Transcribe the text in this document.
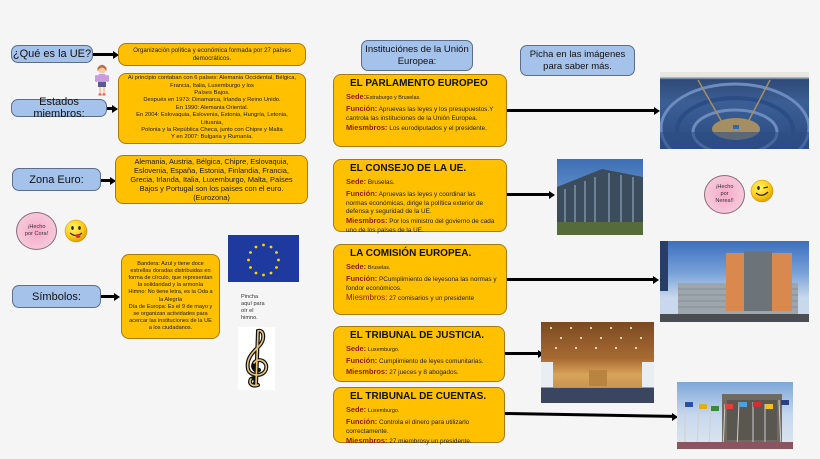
¿Qué es la UE?	Organización política y económica formada por 27 países democráticos.
Estados miembros:
Al principio contaban con 6 países: Alemania Occidental, Bélgica,
Francia, Italia, Luxemburgo y los
Países Bajos.
Después en 1973: Dinamarca, Irlanda y Reino Unido.
En 1990: Alemania Oriental.
En 2004: Eslovaquia, Eslovenia, Estonia, Hungría, Letonia,
Lituania,
Polonia y la República Checa, junto con Chipre y Malta
Y en 2007: Bulgaria y Rumanía.
Zona Euro:
Alemania, Austria, Bélgica, Chipre, Eslovaquia,
Eslovenia, España, Estonia, Finlandia, Francia,
Grecia, Irlanda, Italia, Luxemburgo, Malta, Países
Bajos y Portugal son los países con el euro.
(Eurozona)
¡Hecho
por Cora!
Símbolos:
Bandera: Azul y tiene doce
estrellas doradas distribuidas en
forma de círculo, que representan
la solidaridad y la armonía
Himno: No tiene letra, es la Oda a
la Alegría
Día de Europa: Es el 9 de mayo y
se organizan actividades para
acercar las instituciones de la UE
a los ciudadanos.
Pincha
aquí para
oír el
himno.
Instituciónes de la Unión
Europea:
EL PARLAMENTO EUROPEO
Sede:Estraburgo y Bruselas.
Función: Apruevas las leyes y los presupuestos.Y cantrola las instituciones de la Unión Europea.
Miesmbros: Los eurodiputados y el presidente.
EL CONSEJO DE LA UE.
Sede: Bruselas.
Función: Apruevas las leyes y coordinar las normas económicas, dirige la política exterior de defensa y seguridad de la UE.
Miesmbros: Por los ministro del govierno de cada uno de los paises de la UE.
LA COMISIÓN EUROPEA.
Sede: Bruselas.
Función: PCumplimiento de leyesona las normas y fondor económicos.
Miesmbros: 27 comisarios y un presidente
EL TRIBUNAL DE JUSTICIA.
Sede: Luxemburgo.
Función: Cumplimiento de leyes comunitarias.
Miesmbros: 27 jueces y 8 abogados.
EL TRIBUNAL DE CUENTAS.
Sede: Luxemburgo.
Función: Controla el dinero para utilizarlo correctamente.
Miesmbros: 27 miembrosy un presidente.
Picha en las imágenes
para saber más.
¡Hecho
por
Nerea!!
